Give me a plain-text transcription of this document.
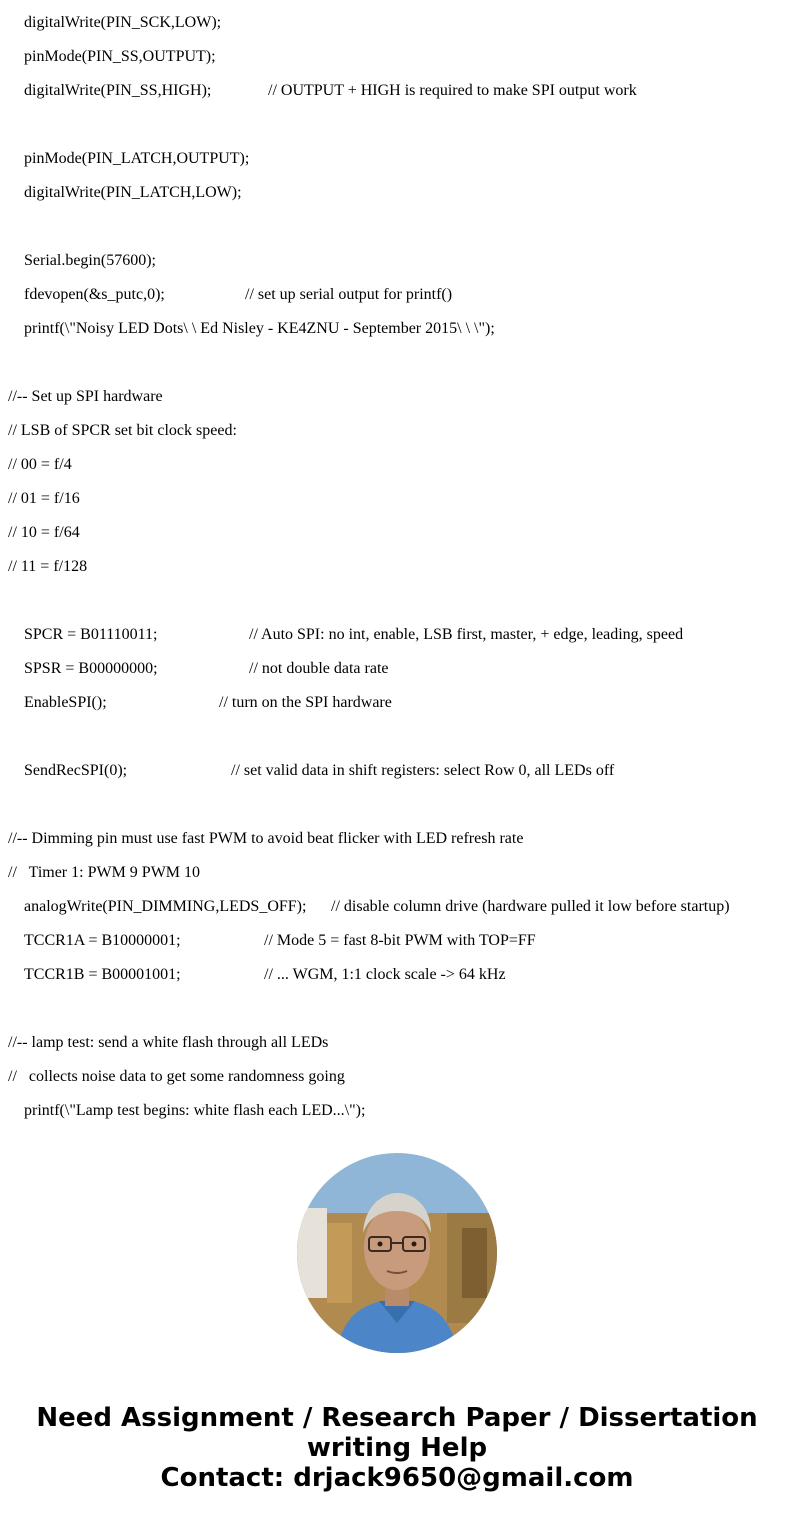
digitalWrite(PIN_SCK,LOW);
pinMode(PIN_SS,OUTPUT);
digitalWrite(PIN_SS,HIGH);	// OUTPUT + HIGH is required to make SPI output work
pinMode(PIN_LATCH,OUTPUT);
digitalWrite(PIN_LATCH,LOW);
Serial.begin(57600);
fdevopen(&s_putc,0);	// set up serial output for printf()
printf(\"Noisy LED Dots\ \ Ed Nisley - KE4ZNU - September 2015\ \ \");
//-- Set up SPI hardware
// LSB of SPCR set bit clock speed:
// 00 = f/4
// 01 = f/16
// 10 = f/64
// 11 = f/128
SPCR = B01110011;	// Auto SPI: no int, enable, LSB first, master, + edge, leading, speed
SPSR = B00000000;	// not double data rate
EnableSPI();	// turn on the SPI hardware
SendRecSPI(0);	// set valid data in shift registers: select Row 0, all LEDs off
//-- Dimming pin must use fast PWM to avoid beat flicker with LED refresh rate
//   Timer 1: PWM 9 PWM 10
analogWrite(PIN_DIMMING,LEDS_OFF); // disable column drive (hardware pulled it low before startup)
TCCR1A = B10000001;	// Mode 5 = fast 8-bit PWM with TOP=FF
TCCR1B = B00001001;	// ... WGM, 1:1 clock scale -> 64 kHz
//-- lamp test: send a white flash through all LEDs
//   collects noise data to get some randomness going
printf(\"Lamp test begins: white flash each LED...\");
Need Assignment / Research Paper / Dissertation
writing Help
Contact: drjack9650@gmail.com
